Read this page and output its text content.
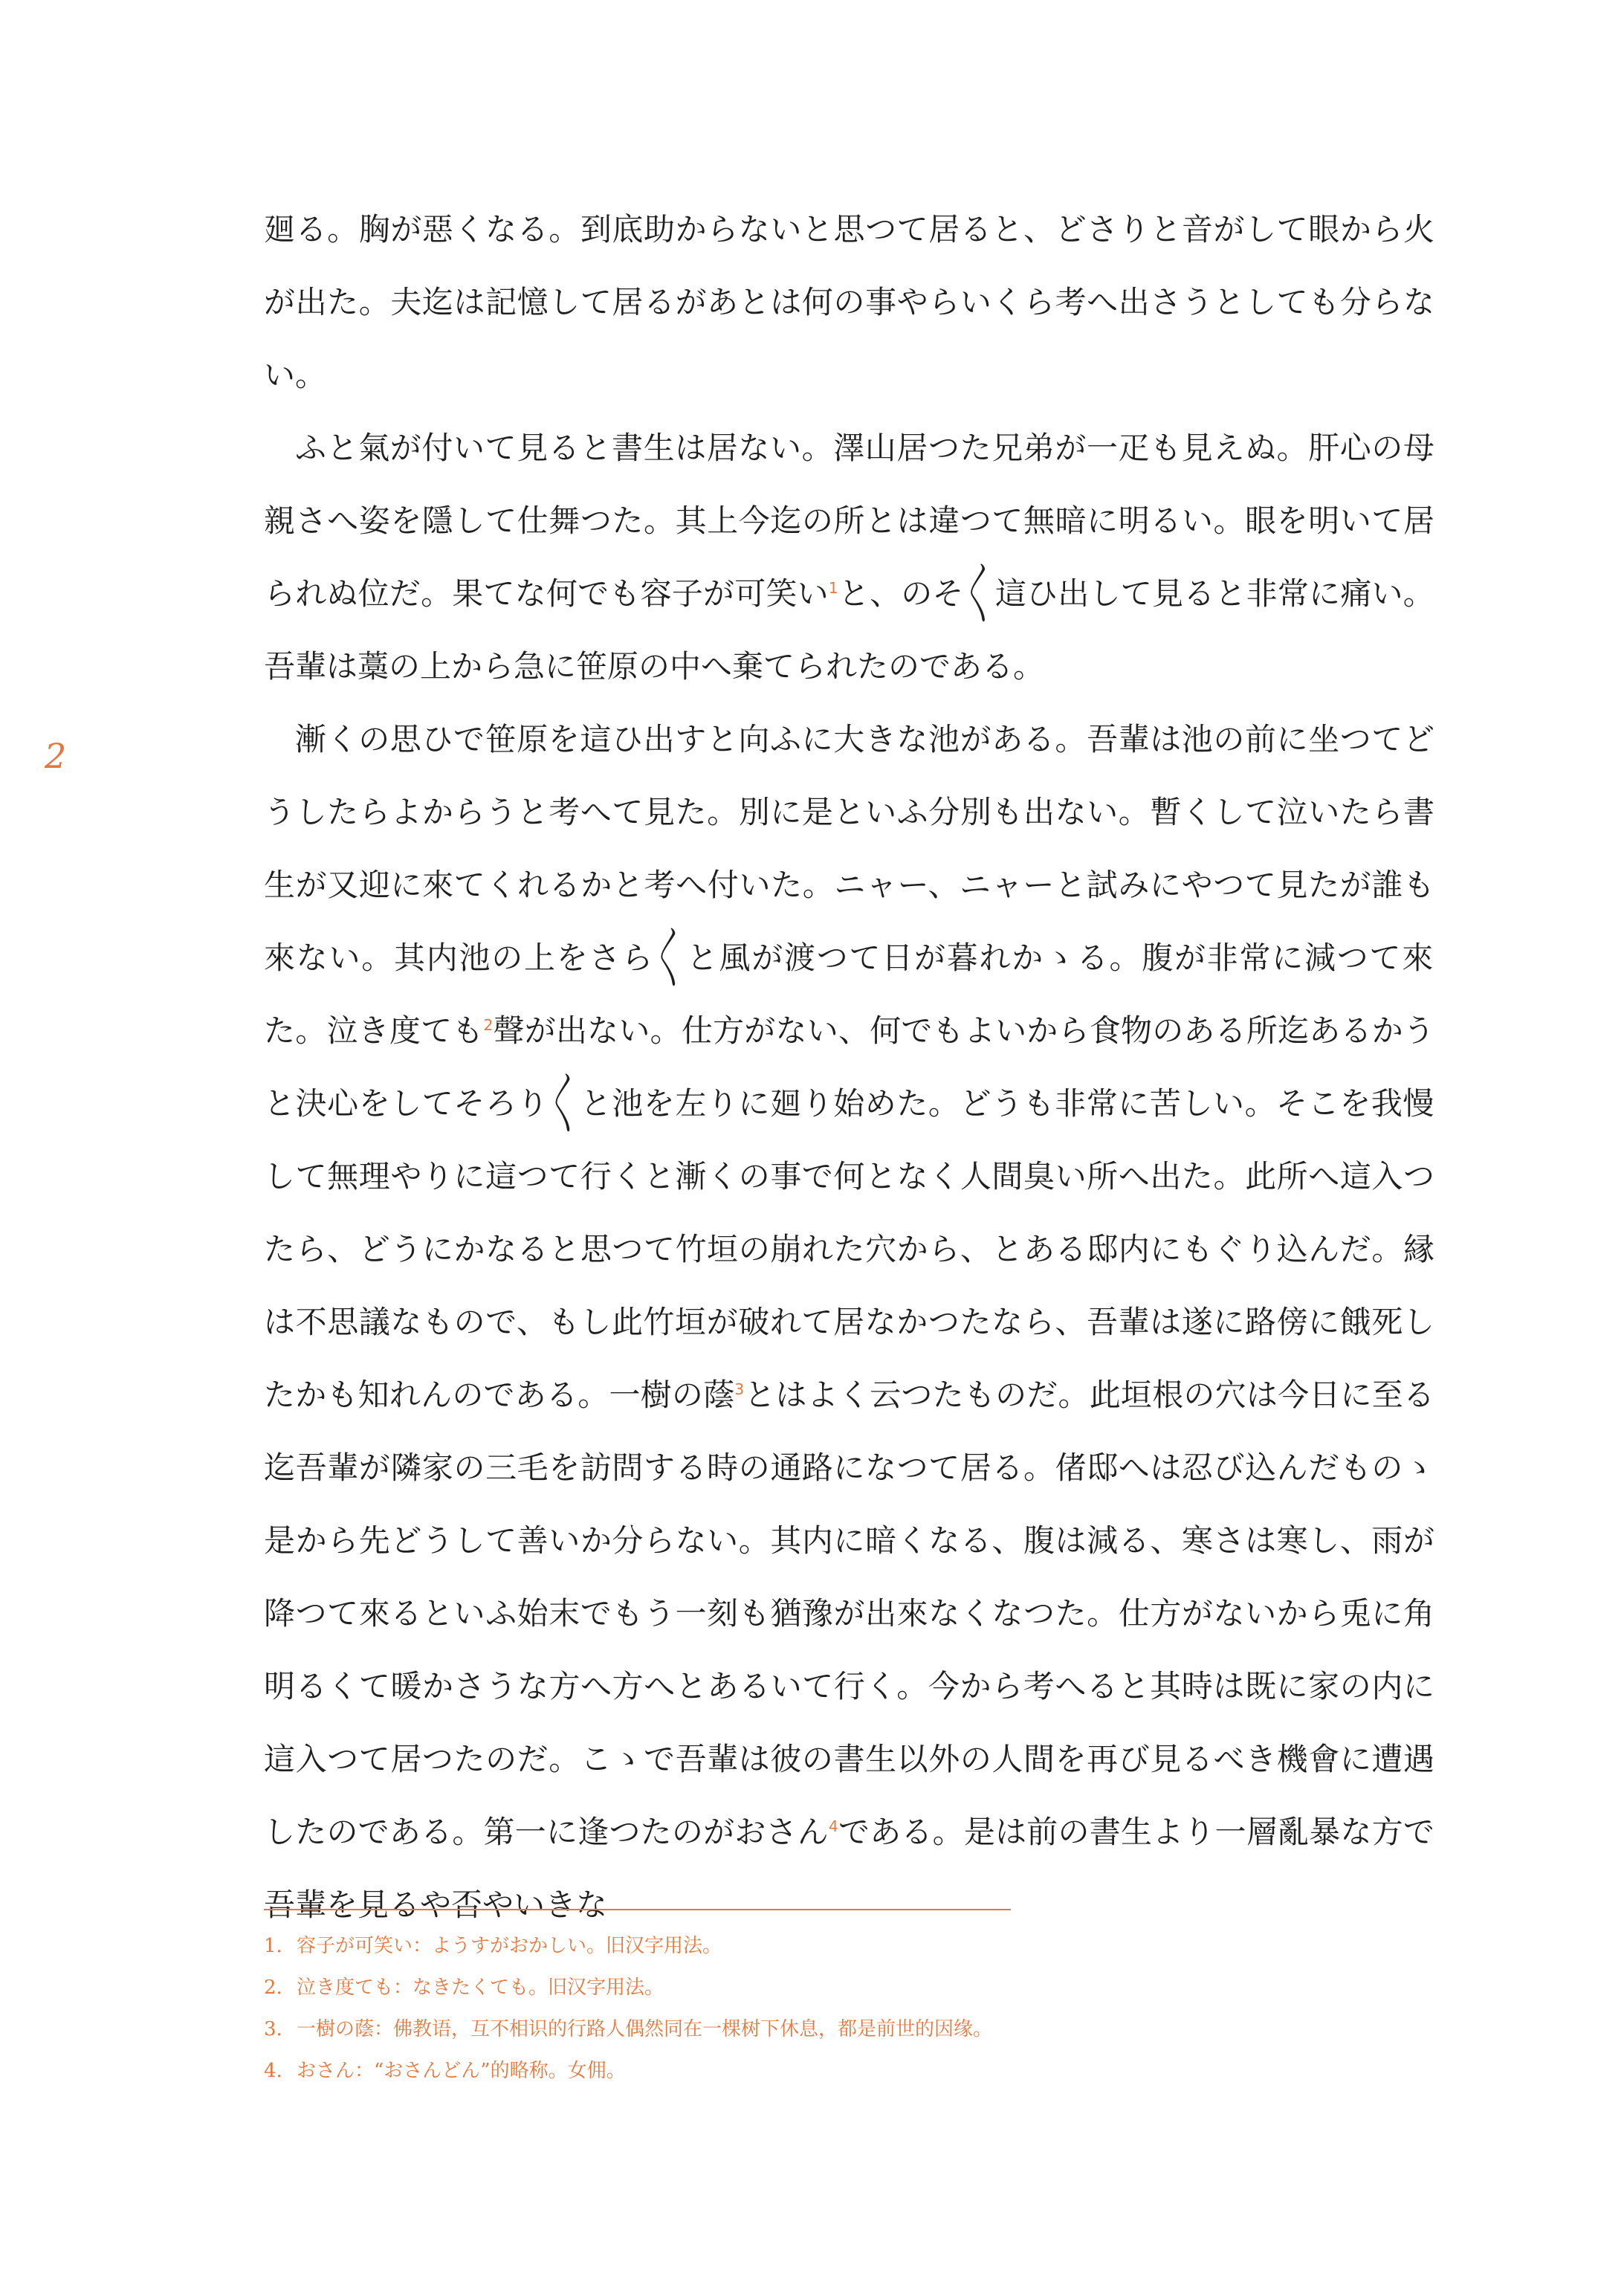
2

廻る。胸が惡くなる。到底助からないと思つて居ると、どさりと音がして眼から火が出た。夫迄は記憶して居るがあとは何の事やらいくら考へ出さうとしても分らない。

ふと氣が付いて見ると書生は居ない。澤山居つた兄弟が一疋も見えぬ。肝心の母親さへ姿を隱して仕舞つた。其上今迄の所とは違つて無暗に明るい。眼を明いて居られぬ位だ。果てな何でも容子が可笑い$^1$と、のそ〳〵這ひ出して見ると非常に痛い。吾輩は藁の上から急に笹原の中へ棄てられたのである。

漸くの思ひで笹原を這ひ出すと向ふに大きな池がある。吾輩は池の前に坐つてどうしたらよからうと考へて見た。別に是といふ分別も出ない。暫くして泣いたら書生が又迎に來てくれるかと考へ付いた。ニャー、ニャーと試みにやつて見たが誰も來ない。其内池の上をさら〳〵と風が渡つて日が暮れかゝる。腹が非常に減つて來た。泣き度ても$^2$聲が出ない。仕方がない、何でもよいから食物のある所迄あるかうと決心をしてそろり〳〵と池を左りに廻り始めた。どうも非常に苦しい。そこを我慢して無理やりに這つて行くと漸くの事で何となく人間臭い所へ出た。此所へ這入つたら、どうにかなると思つて竹垣の崩れた穴から、とある邸内にもぐり込んだ。縁は不思議なもので、もし此竹垣が破れて居なかつたなら、吾輩は遂に路傍に餓死したかも知れんのである。一樹の蔭$^3$とはよく云つたものだ。此垣根の穴は今日に至る迄吾輩が隣家の三毛を訪問する時の通路になつて居る。偖邸へは忍び込んだものゝ是から先どうして善いか分らない。其内に暗くなる、腹は減る、寒さは寒し、雨が降つて來るといふ始末でもう一刻も猶豫が出來なくなつた。仕方がないから兎に角明るくて暖かさうな方へ方へとあるいて行く。今から考へると其時は既に家の内に這入つて居つたのだ。こゝで吾輩は彼の書生以外の人間を再び見るべき機會に遭遇したのである。第一に逢つたのがおさん$^4$である。是は前の書生より一層亂暴な方で吾輩を見るや否やいきな

1. 容子が可笑い：ようすがおかしい。旧汉字用法。
2. 泣き度ても：なきたくても。旧汉字用法。
3. 一樹の蔭：佛教语，互不相识的行路人偶然同在一棵树下休息，都是前世的因缘。
4. おさん：“おさんどん”的略称。女佣。
